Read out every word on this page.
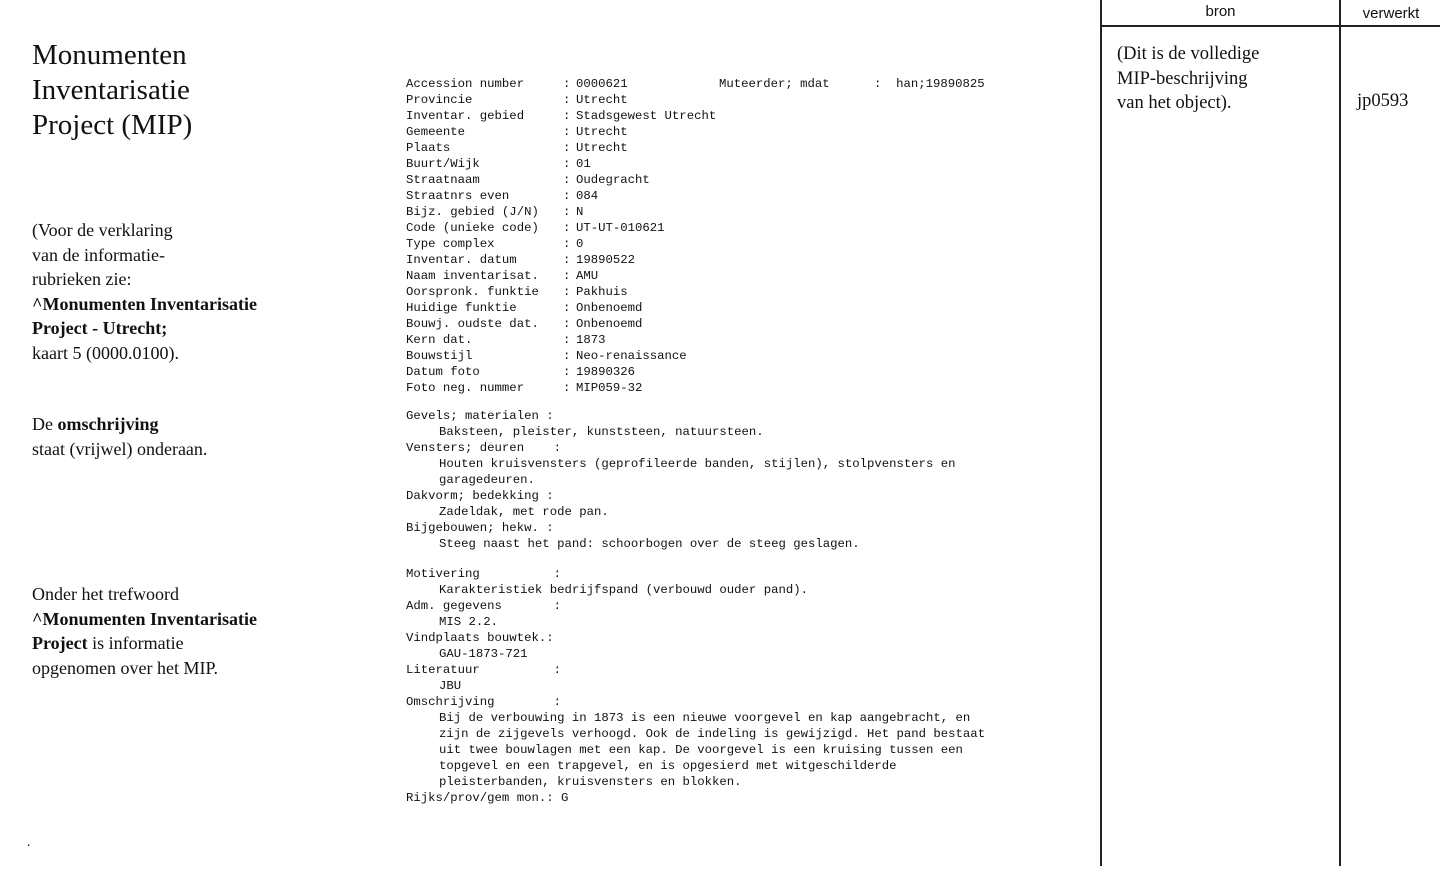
Monumenten
Inventarisatie
Project (MIP)
(Voor de verklaring
van de informatie-
rubrieken zie:
^Monumenten Inventarisatie
Project - Utrecht;
kaart 5 (0000.0100).
De omschrijving
staat (vrijwel) onderaan.
Onder het trefwoord
^Monumenten Inventarisatie
Project is informatie
opgenomen over het MIP.
.
Accession number	: 0000621	Muteerder; mdat      :  han;19890825
Provincie	: Utrecht
Inventar. gebied	: Stadsgewest Utrecht
Gemeente	: Utrecht
Plaats	: Utrecht
Buurt/Wijk	: 01
Straatnaam	: Oudegracht
Straatnrs even	: 084
Bijz. gebied (J/N)	: N
Code (unieke code)	: UT-UT-010621
Type complex	: 0
Inventar. datum	: 19890522
Naam inventarisat.	: AMU
Oorspronk. funktie	: Pakhuis
Huidige funktie	: Onbenoemd
Bouwj. oudste dat.	: Onbenoemd
Kern dat.	: 1873
Bouwstijl	: Neo-renaissance
Datum foto	: 19890326
Foto neg. nummer	: MIP059-32
Gevels; materialen :
Baksteen, pleister, kunststeen, natuursteen.
Vensters; deuren    :
Houten kruisvensters (geprofileerde banden, stijlen), stolpvensters en
garagedeuren.
Dakvorm; bedekking :
Zadeldak, met rode pan.
Bijgebouwen; hekw. :
Steeg naast het pand: schoorbogen over de steeg geslagen.
Motivering          :
Karakteristiek bedrijfspand (verbouwd ouder pand).
Adm. gegevens       :
MIS 2.2.
Vindplaats bouwtek.:
GAU-1873-721
Literatuur          :
JBU
Omschrijving        :
Bij de verbouwing in 1873 is een nieuwe voorgevel en kap aangebracht, en
zijn de zijgevels verhoogd. Ook de indeling is gewijzigd. Het pand bestaat
uit twee bouwlagen met een kap. De voorgevel is een kruising tussen een
topgevel en een trapgevel, en is opgesierd met witgeschilderde
pleisterbanden, kruisvensters en blokken.
Rijks/prov/gem mon.: G
bron	verwerkt
(Dit is de volledige
MIP-beschrijving
van het object).	jp0593
